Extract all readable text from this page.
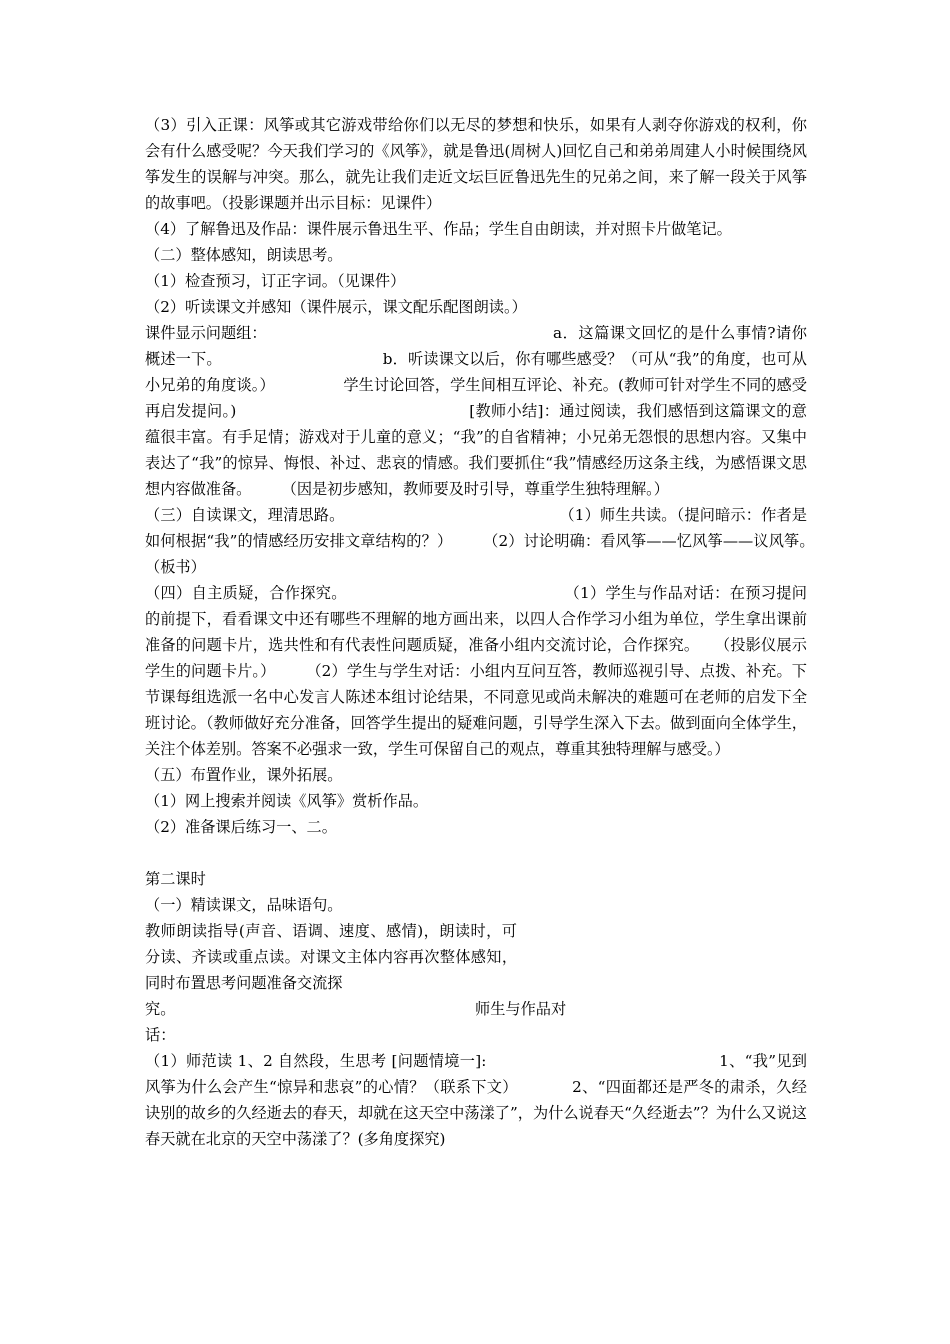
（3）引入正课：风筝或其它游戏带给你们以无尽的梦想和快乐，如果有人剥夺你游戏的权利，你会有什么感受呢？今天我们学习的《风筝》，就是鲁迅(周树人)回忆自己和弟弟周建人小时候围绕风筝发生的误解与冲突。那么，就先让我们走近文坛巨匠鲁迅先生的兄弟之间，来了解一段关于风筝的故事吧。（投影课题并出示目标：见课件）

（4）了解鲁迅及作品：课件展示鲁迅生平、作品；学生自由朗读，并对照卡片做笔记。

（二）整体感知，朗读思考。

（1）检查预习，订正字词。（见课件）

（2）听读课文并感知（课件展示，课文配乐配图朗读。）

课件显示问题组：	a．这篇课文回忆的是什么事情?请你概述一下。　　　　　　　　　　　b．听读课文以后，你有哪些感受？（可从“我”的角度，也可从小兄弟的角度谈。）　　　　　学生讨论回答，学生间相互评论、补充。(教师可针对学生不同的感受再启发提问。)　　　　　　　　　　　　　　　[教师小结]：通过阅读，我们感悟到这篇课文的意蕴很丰富。有手足情；游戏对于儿童的意义；“我”的自省精神；小兄弟无怨恨的思想内容。又集中表达了“我”的惊异、悔恨、补过、悲哀的情感。我们要抓住“我”情感经历这条主线，为感悟课文思想内容做准备。　　　（因是初步感知，教师要及时引导，尊重学生独特理解。）

（三）自读课文，理清思路。　　　　　　　　　　　　　　　（1）师生共读。（提问暗示：作者是如何根据“我”的情感经历安排文章结构的？）　　　（2）讨论明确：看风筝——忆风筝——议风筝。　（板书）

（四）自主质疑，合作探究。　　　　　　　　　　　　　　　（1）学生与作品对话：在预习提问的前提下，看看课文中还有哪些不理解的地方画出来，以四人合作学习小组为单位，学生拿出课前准备的问题卡片，选共性和有代表性问题质疑，准备小组内交流讨论，合作探究。　　（投影仪展示学生的问题卡片。）　　　（2）学生与学生对话：小组内互问互答，教师巡视引导、点拨、补充。下节课每组选派一名中心发言人陈述本组讨论结果，不同意见或尚未解决的难题可在老师的启发下全班讨论。（教师做好充分准备，回答学生提出的疑难问题，引导学生深入下去。做到面向全体学生，关注个体差别。答案不必强求一致，学生可保留自己的观点，尊重其独特理解与感受。）

（五）布置作业，课外拓展。

（1）网上搜索并阅读《风筝》赏析作品。

（2）准备课后练习一、二。

第二课时

（一）精读课文，品味语句。

教师朗读指导(声音、语调、速度、感情)，朗读时，可分读、齐读或重点读。对课文主体内容再次整体感知，同时布置思考问题准备交流探

究。	师生与作品对

话：

（1）师范读 1、2 自然段，生思考 [问题情境一]:　　　　　　　　　　　　　　　1、“我”见到风筝为什么会产生“惊异和悲哀”的心情？（联系下文）　　　　2、“四面都还是严冬的肃杀，久经诀别的故乡的久经逝去的春天，却就在这天空中荡漾了”，为什么说春天“久经逝去”？为什么又说这春天就在北京的天空中荡漾了？(多角度探究)
